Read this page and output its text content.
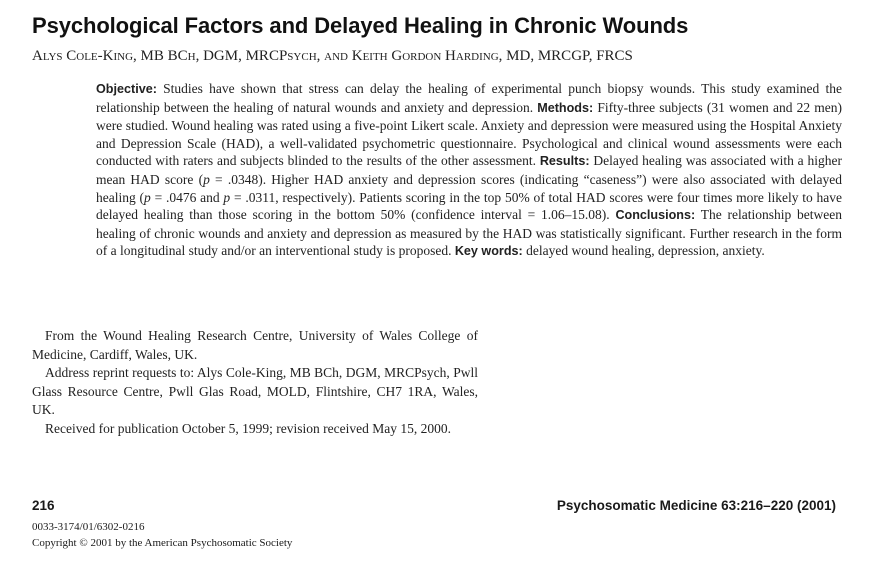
Psychological Factors and Delayed Healing in Chronic Wounds
Alys Cole-King, MB BCh, DGM, MRCPsych, and Keith Gordon Harding, MD, MRCGP, FRCS
Objective: Studies have shown that stress can delay the healing of experimental punch biopsy wounds. This study examined the relationship between the healing of natural wounds and anxiety and depression. Methods: Fifty-three subjects (31 women and 22 men) were studied. Wound healing was rated using a five-point Likert scale. Anxiety and depression were measured using the Hospital Anxiety and Depression Scale (HAD), a well-validated psychometric questionnaire. Psychological and clinical wound assessments were each conducted with raters and subjects blinded to the results of the other assessment. Results: Delayed healing was associated with a higher mean HAD score (p = .0348). Higher HAD anxiety and depression scores (indicating “caseness”) were also associated with delayed healing (p = .0476 and p = .0311, respectively). Patients scoring in the top 50% of total HAD scores were four times more likely to have delayed healing than those scoring in the bottom 50% (confidence interval = 1.06–15.08). Conclusions: The relationship between healing of chronic wounds and anxiety and depression as measured by the HAD was statistically significant. Further research in the form of a longitudinal study and/or an interventional study is proposed. Key words: delayed wound healing, depression, anxiety.

From the Wound Healing Research Centre, University of Wales College of Medicine, Cardiff, Wales, UK.

Address reprint requests to: Alys Cole-King, MB BCh, DGM, MRCPsych, Pwll Glass Resource Centre, Pwll Glas Road, MOLD, Flintshire, CH7 1RA, Wales, UK.

Received for publication October 5, 1999; revision received May 15, 2000.

216	Psychosomatic Medicine 63:216–220 (2001)
0033-3174/01/6302-0216
Copyright © 2001 by the American Psychosomatic Society
